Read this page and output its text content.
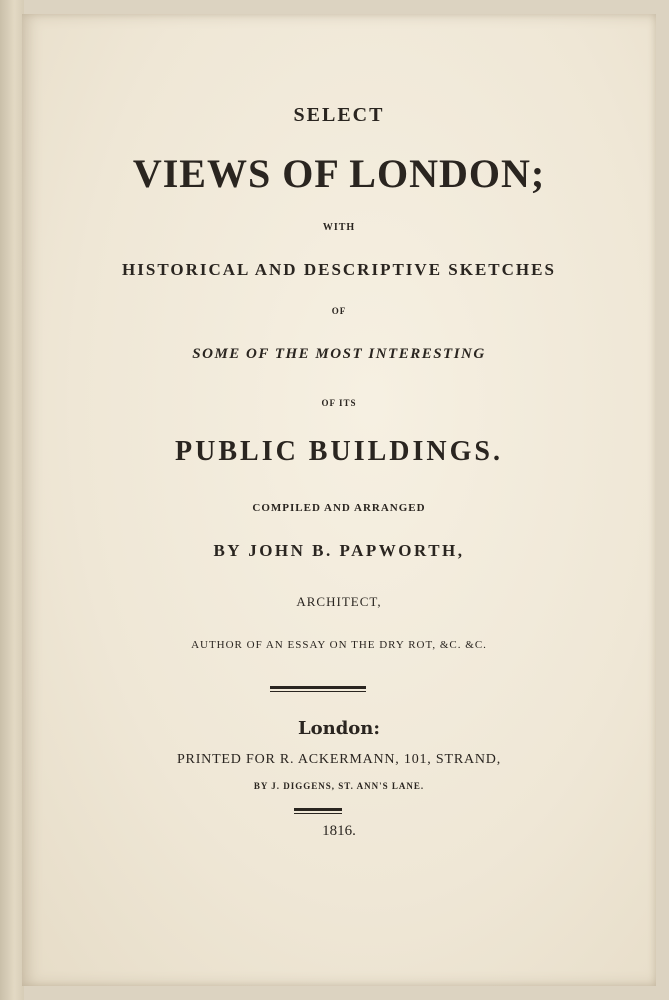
SELECT
VIEWS OF LONDON;
WITH
HISTORICAL AND DESCRIPTIVE SKETCHES
OF
SOME OF THE MOST INTERESTING
OF ITS
PUBLIC BUILDINGS.
COMPILED AND ARRANGED
BY JOHN B. PAPWORTH,
ARCHITECT,
AUTHOR OF AN ESSAY ON THE DRY ROT, &C. &C.
London:
PRINTED FOR R. ACKERMANN, 101, STRAND,
BY J. DIGGENS, ST. ANN'S LANE.
1816.
